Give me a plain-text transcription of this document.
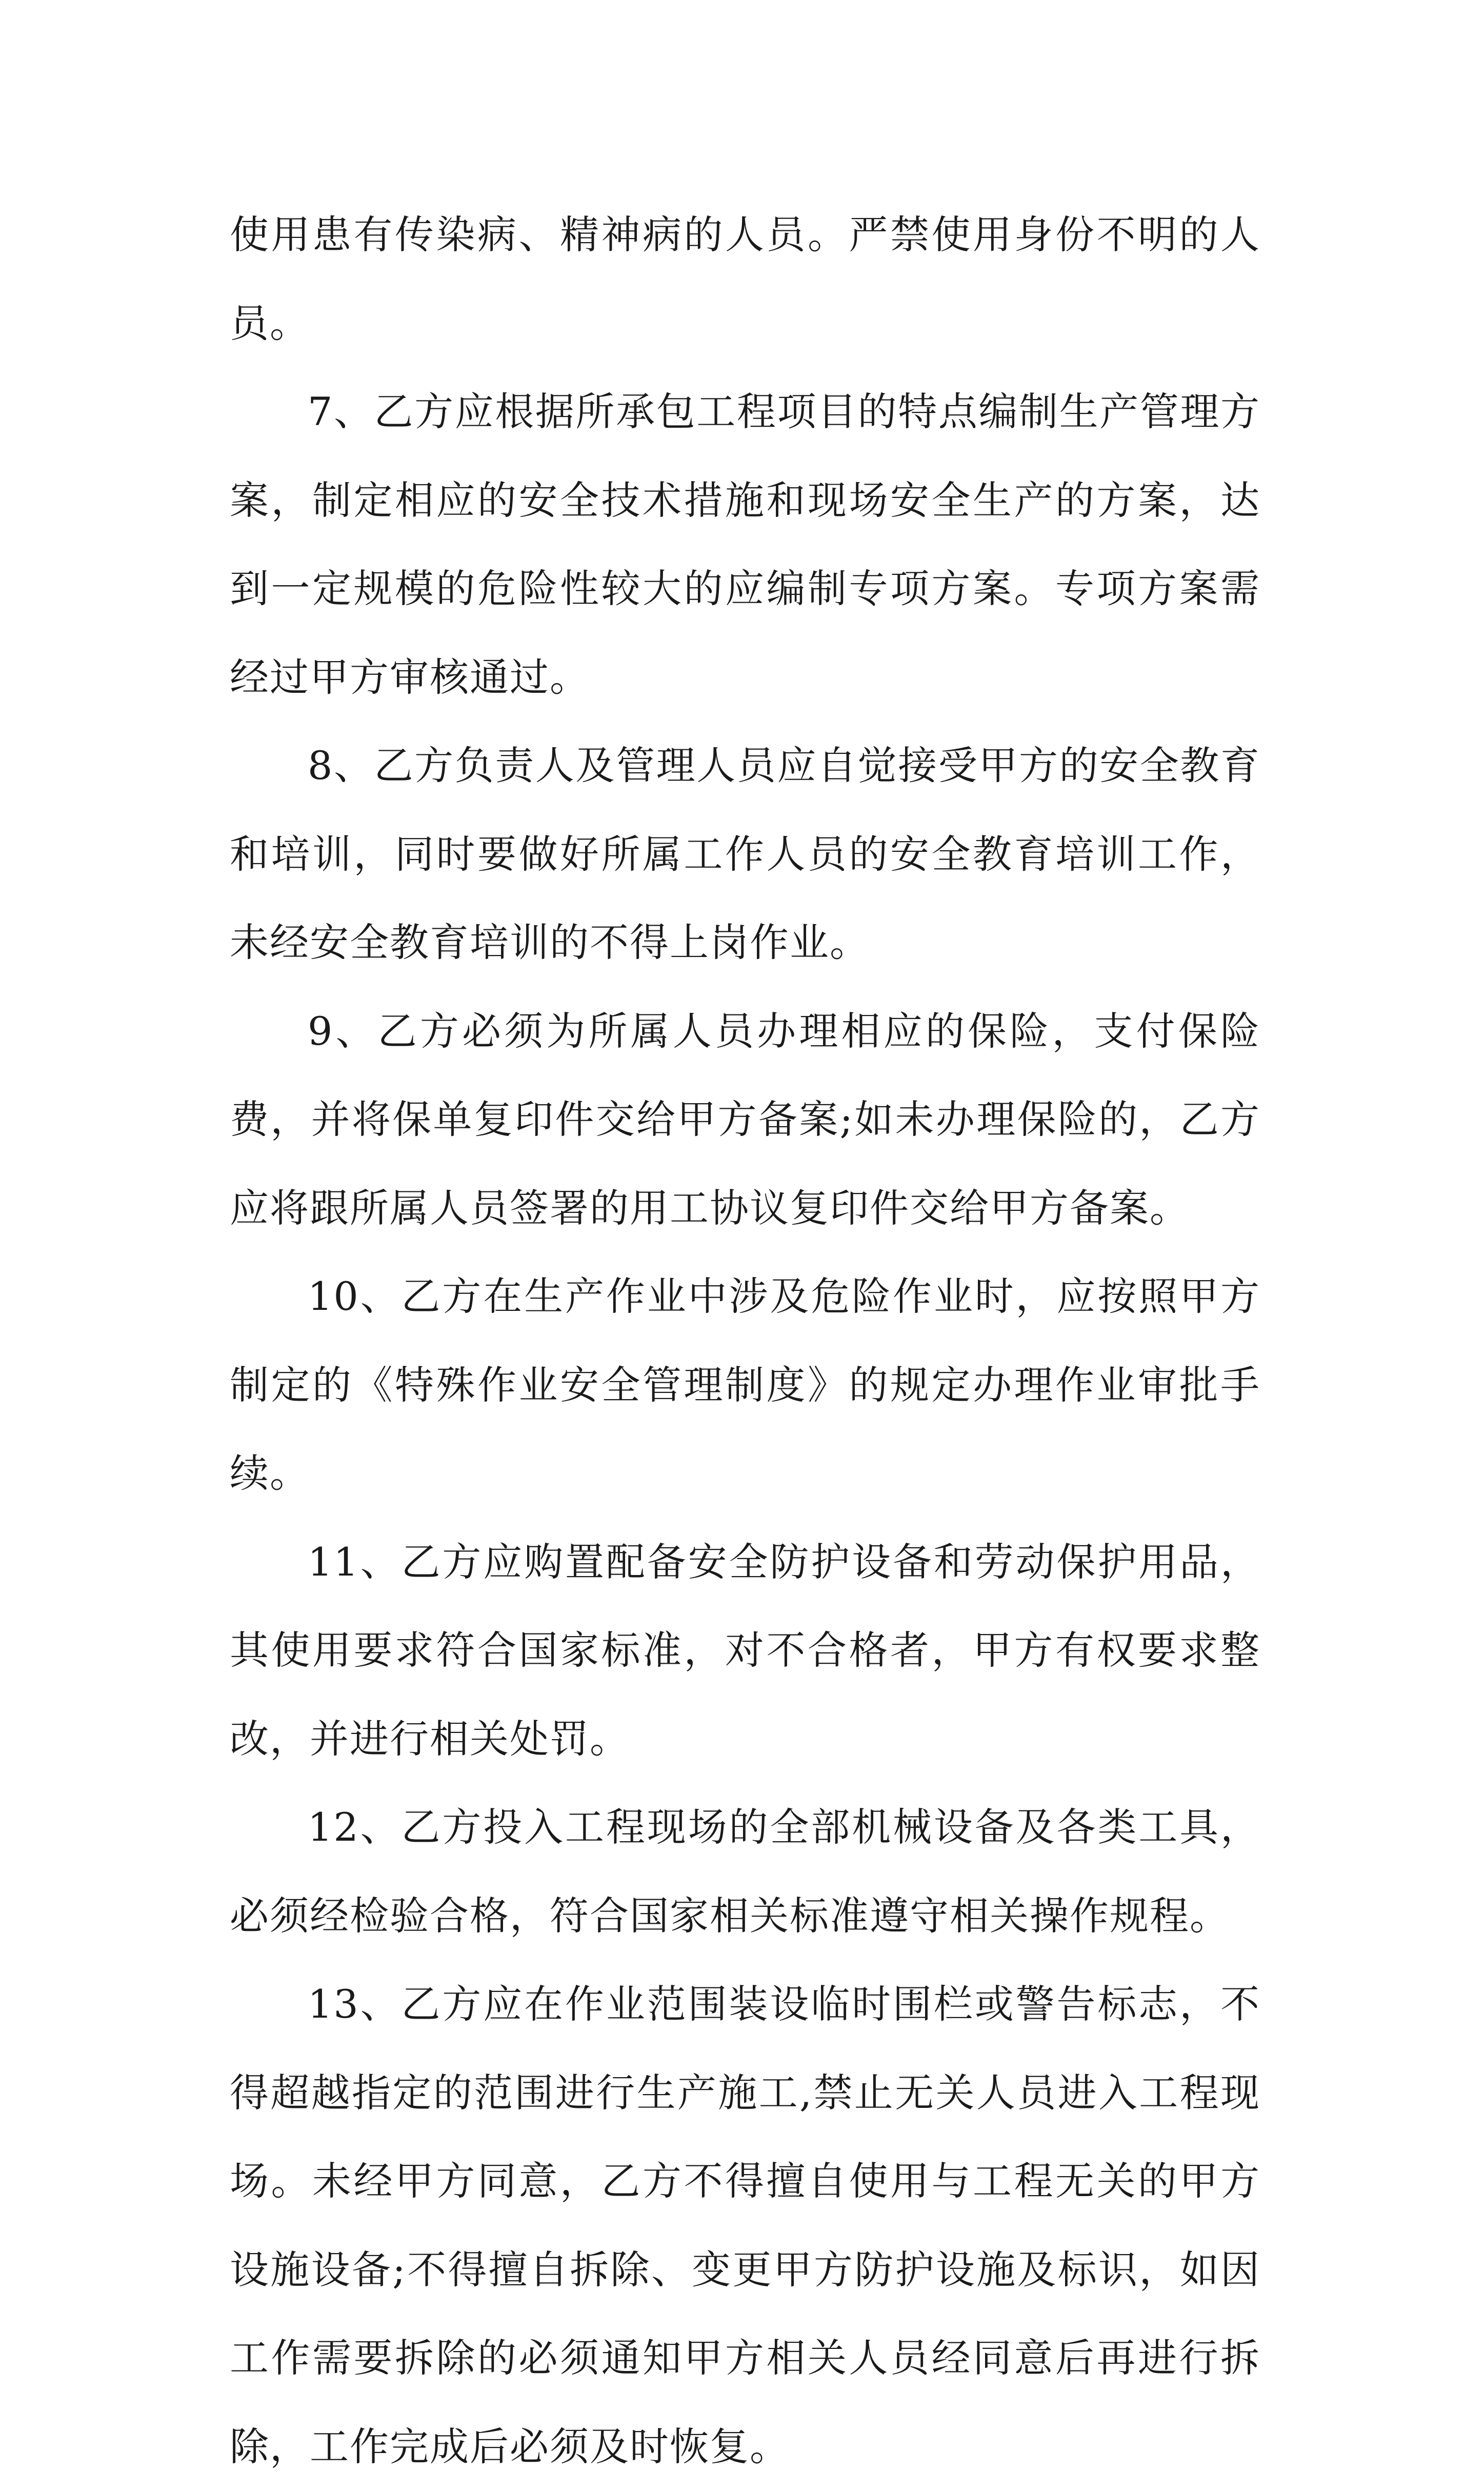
使用患有传染病、精神病的人员。严禁使用身份不明的人员。

7、乙方应根据所承包工程项目的特点编制生产管理方案，制定相应的安全技术措施和现场安全生产的方案，达到一定规模的危险性较大的应编制专项方案。专项方案需经过甲方审核通过。

8、乙方负责人及管理人员应自觉接受甲方的安全教育和培训，同时要做好所属工作人员的安全教育培训工作，未经安全教育培训的不得上岗作业。

9、乙方必须为所属人员办理相应的保险，支付保险费，并将保单复印件交给甲方备案;如未办理保险的，乙方应将跟所属人员签署的用工协议复印件交给甲方备案。

10、乙方在生产作业中涉及危险作业时，应按照甲方制定的《特殊作业安全管理制度》的规定办理作业审批手续。

11、乙方应购置配备安全防护设备和劳动保护用品，其使用要求符合国家标准，对不合格者，甲方有权要求整改，并进行相关处罚。

12、乙方投入工程现场的全部机械设备及各类工具，必须经检验合格，符合国家相关标准遵守相关操作规程。

13、乙方应在作业范围装设临时围栏或警告标志，不得超越指定的范围进行生产施工,禁止无关人员进入工程现场。未经甲方同意，乙方不得擅自使用与工程无关的甲方设施设备;不得擅自拆除、变更甲方防护设施及标识，如因工作需要拆除的必须通知甲方相关人员经同意后再进行拆除，工作完成后必须及时恢复。
